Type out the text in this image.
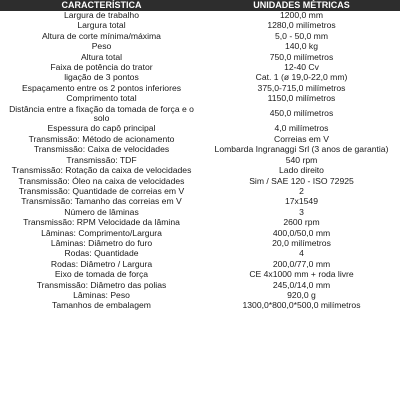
CARACTERÍSTICA	UNIDADES MÉTRICAS
Largura de trabalho	1200,0 mm
Largura total	1280,0 milímetros
Altura de corte mínima/máxima	5,0 - 50,0 mm
Peso	140,0 kg
Altura total	750,0 milímetros
Faixa de potência do trator	12-40 Cv
ligação de 3 pontos	Cat. 1 (ø 19,0-22,0 mm)
Espaçamento entre os 2 pontos inferiores	375,0-715,0 milímetros
Comprimento total	1150,0 milímetros
Distância entre a fixação da tomada de força e o solo	450,0 milímetros
Espessura do capô principal	4,0 milímetros
Transmissão: Método de acionamento	Correias em V
Transmissão: Caixa de velocidades	Lombarda Ingranaggi Srl (3 anos de garantia)
Transmissão: TDF	540 rpm
Transmissão: Rotação da caixa de velocidades	Lado direito
Transmissão: Óleo na caixa de velocidades	Sim / SAE 120 - ISO 72925
Transmissão: Quantidade de correias em V	2
Transmissão: Tamanho das correias em V	17x1549
Número de lâminas	3
Transmissão: RPM Velocidade da lâmina	2600 rpm
Lâminas: Comprimento/Largura	400,0/50,0 mm
Lâminas: Diâmetro do furo	20,0 milímetros
Rodas: Quantidade	4
Rodas: Diâmetro / Largura	200,0/77,0 mm
Eixo de tomada de força	CE 4x1000 mm + roda livre
Transmissão: Diâmetro das polias	245,0/14,0 mm
Lâminas: Peso	920,0 g
Tamanhos de embalagem	1300,0*800,0*500,0 milímetros
